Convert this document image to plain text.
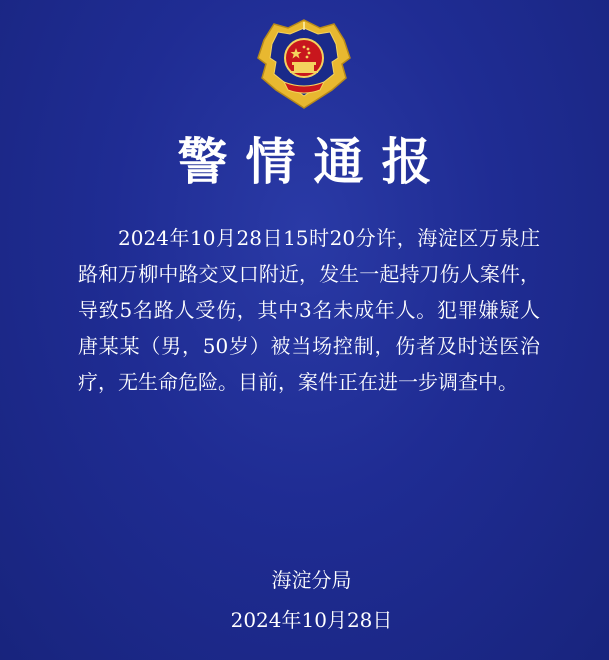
警情通报
2024年10月28日15时20分许，海淀区万泉庄路和万柳中路交叉口附近，发生一起持刀伤人案件，导致5名路人受伤，其中3名未成年人。犯罪嫌疑人唐某某（男，50岁）被当场控制，伤者及时送医治疗，无生命危险。目前，案件正在进一步调查中。
海淀分局
2024年10月28日
